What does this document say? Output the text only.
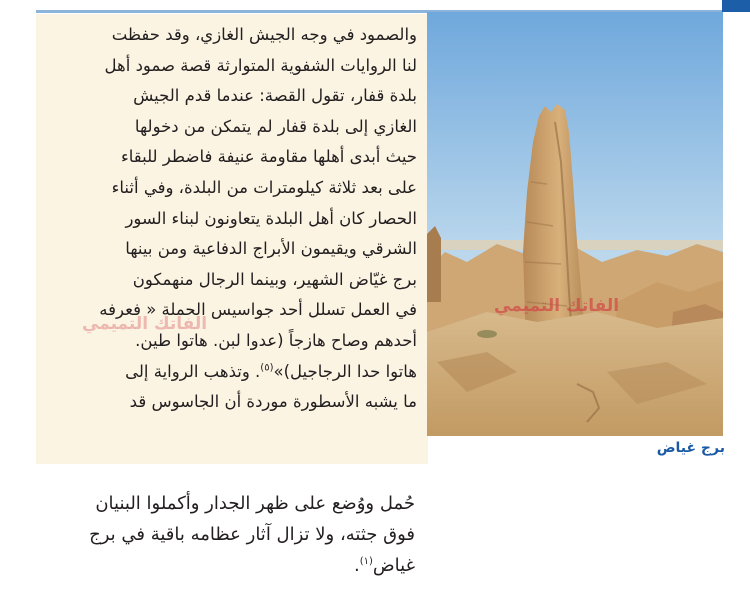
والصمود في وجه الجيش الغازي، وقد حفظت
لنا الروايات الشفوية المتوارثة قصة صمود أهل
بلدة قفار، تقول القصة: عندما قدم الجيش
الغازي إلى بلدة قفار لم يتمكن من دخولها
حيث أبدى أهلها مقاومة عنيفة فاضطر للبقاء
على بعد ثلاثة كيلومترات من البلدة، وفي أثناء
الحصار كان أهل البلدة يتعاونون لبناء السور
الشرقي ويقيمون الأبراج الدفاعية ومن بينها
برج غيّاض الشهير، وبينما الرجال منهمكون
في العمل تسلل أحد جواسيس الحملة « فعرفه
أحدهم وصاح هازجاً (عدوا لبن. هاتوا طين.
هاتوا حدا الرجاجيل)»$^{(٥)}$. وتذهب الرواية إلى
ما يشبه الأسطورة موردة أن الجاسوس قد
حُمل ووُضع على ظهر الجدار وأكملوا البنيان
فوق جثته، ولا تزال آثار عظامه باقية في برج
غياض$^{(١)}$.
الفاتك التميمي
الفاتك التميمي
برج غياض
